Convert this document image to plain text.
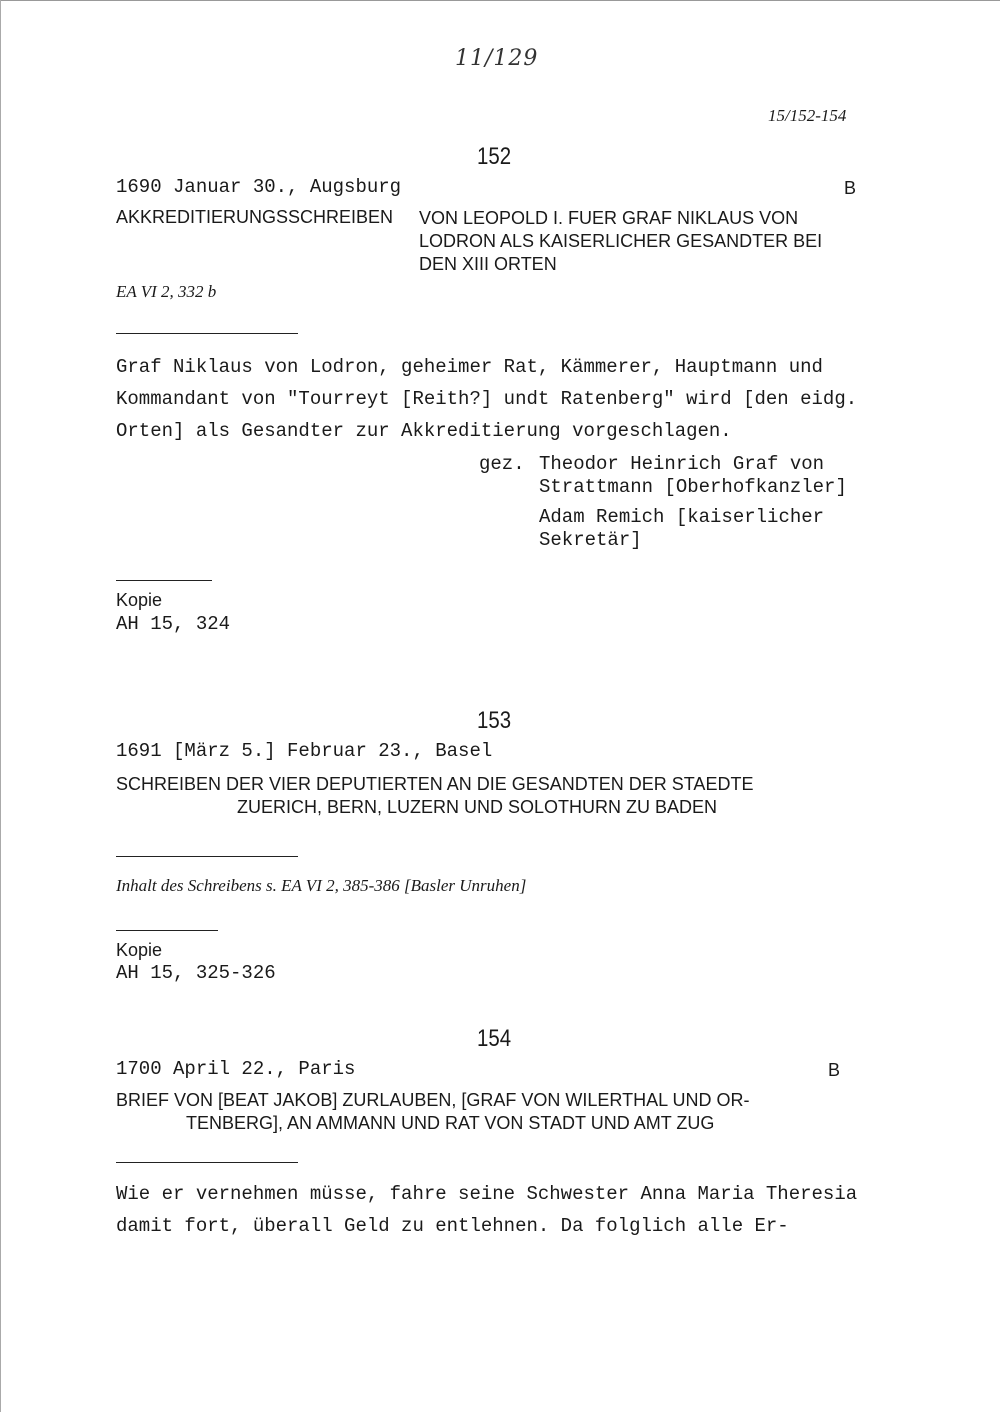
11/129
15/152-154
152
1690 Januar 30., Augsburg	B
AKKREDITIERUNGSSCHREIBEN VON LEOPOLD I. FUER GRAF NIKLAUS VON
LODRON ALS KAISERLICHER GESANDTER BEI
DEN XIII ORTEN
EA VI 2, 332 b
Graf Niklaus von Lodron, geheimer Rat, Kämmerer, Hauptmann und
Kommandant von "Tourreyt [Reith?] undt Ratenberg" wird [den eidg.
Orten] als Gesandter zur Akkreditierung vorgeschlagen.
gez. Theodor Heinrich Graf von
Strattmann [Oberhofkanzler]
Adam Remich [kaiserlicher
Sekretär]
Kopie
AH 15, 324
153
1691 [März 5.] Februar 23., Basel
SCHREIBEN DER VIER DEPUTIERTEN AN DIE GESANDTEN DER STAEDTE
ZUERICH, BERN, LUZERN UND SOLOTHURN ZU BADEN
Inhalt des Schreibens s. EA VI 2, 385-386 [Basler Unruhen]
Kopie
AH 15, 325-326
154
1700 April 22., Paris	B
BRIEF VON [BEAT JAKOB] ZURLAUBEN, [GRAF VON WILERTHAL UND OR-
TENBERG], AN AMMANN UND RAT VON STADT UND AMT ZUG
Wie er vernehmen müsse, fahre seine Schwester Anna Maria Theresia
damit fort, überall Geld zu entlehnen. Da folglich alle Er-
